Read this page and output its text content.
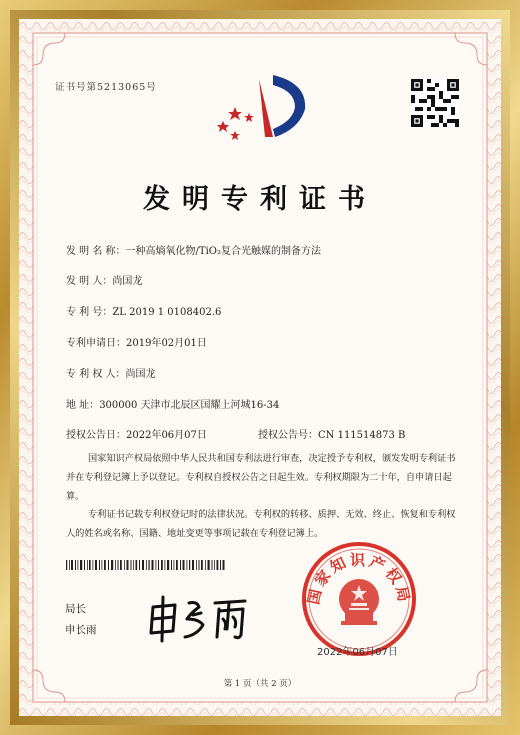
证书号第5213065号
发明专利证书
发 明 名 称：一种高熵氧化物/TiO₂复合光触媒的制备方法
发 明 人：尚国龙
专 利 号：ZL 2019 1 0108402.6
专利申请日：2019年02月01日
专 利 权 人：尚国龙
地 址：300000 天津市北辰区国耀上河城16-34
授权公告日：2022年06月07日	授权公告号：CN 111514873 B
国家知识产权局依照中华人民共和国专利法进行审查，决定授予专利权，颁发发明专利证书并在专利登记簿上予以登记。专利权自授权公告之日起生效。专利权期限为二十年，自申请日起算。
专利证书记载专利权登记时的法律状况。专利权的转移、质押、无效、终止、恢复和专利权人的姓名或名称、国籍、地址变更等事项记载在专利登记簿上。
局长
申长雨
国家知识产权局
2022年06月07日
第 1 页（共 2 页）
